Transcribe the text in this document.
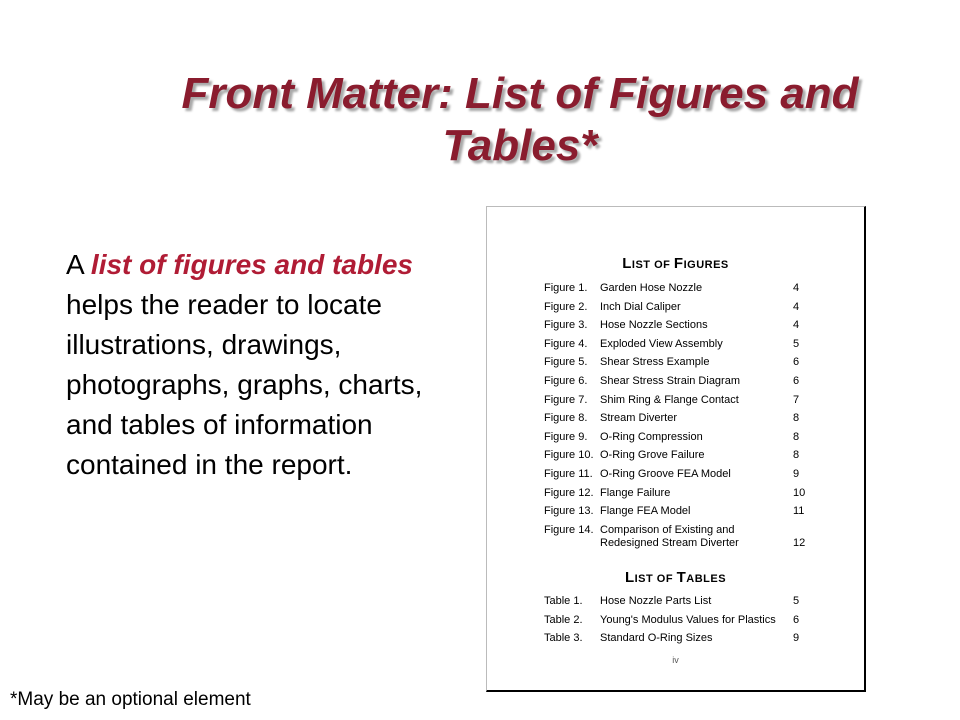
Front Matter: List of Figures and Tables*
A list of figures and tables helps the reader to locate illustrations, drawings, photographs, graphs, charts, and tables of information contained in the report.
*May be an optional element
LIST OF FIGURES
Figure 1. Garden Hose Nozzle	4
Figure 2. Inch Dial Caliper	4
Figure 3. Hose Nozzle Sections	4
Figure 4. Exploded View Assembly	5
Figure 5. Shear Stress Example	6
Figure 6. Shear Stress Strain Diagram	6
Figure 7. Shim Ring & Flange Contact	7
Figure 8. Stream Diverter	8
Figure 9. O-Ring Compression	8
Figure 10. O-Ring Grove Failure	8
Figure 11. O-Ring Groove FEA Model	9
Figure 12. Flange Failure	10
Figure 13. Flange FEA Model	11
Figure 14. Comparison of Existing and
Redesigned Stream Diverter	12
LIST OF TABLES
Table 1. Hose Nozzle Parts List	5
Table 2. Young's Modulus Values for Plastics	6
Table 3. Standard O-Ring Sizes	9
iv
